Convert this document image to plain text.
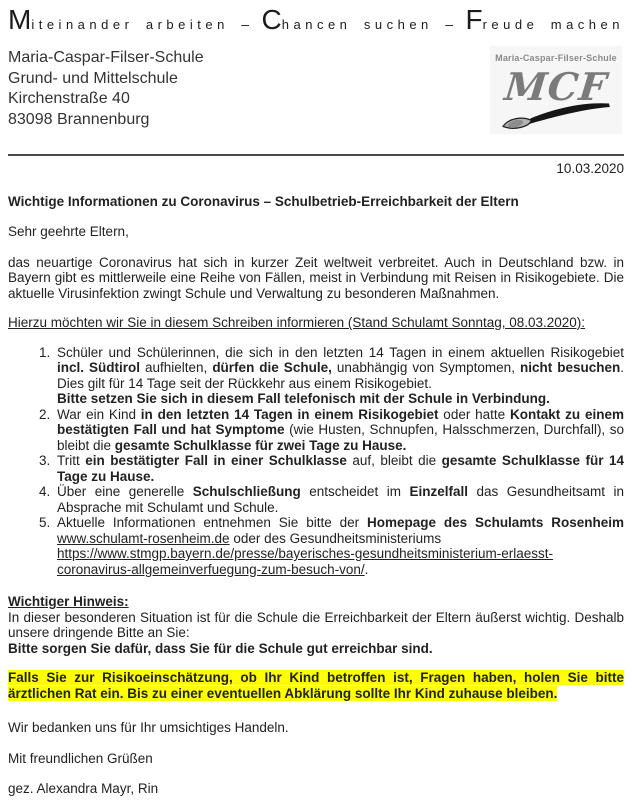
Miteinander arbeiten – Chancen suchen – Freude machen
Maria-Caspar-Filser-Schule
Grund- und Mittelschule
Kirchenstraße 40
83098 Brannenburg
Maria-Caspar-Filser-Schule
MCF
10.03.2020
Wichtige Informationen zu Coronavirus – Schulbetrieb-Erreichbarkeit der Eltern
Sehr geehrte Eltern,
das neuartige Coronavirus hat sich in kurzer Zeit weltweit verbreitet. Auch in Deutschland bzw. in Bayern gibt es mittlerweile eine Reihe von Fällen, meist in Verbindung mit Reisen in Risikogebiete. Die aktuelle Virusinfektion zwingt Schule und Verwaltung zu besonderen Maßnahmen.
Hierzu möchten wir Sie in diesem Schreiben informieren (Stand Schulamt Sonntag, 08.03.2020):
1. Schüler und Schülerinnen, die sich in den letzten 14 Tagen in einem aktuellen Risikogebiet incl. Südtirol aufhielten, dürfen die Schule, unabhängig von Symptomen, nicht besuchen. Dies gilt für 14 Tage seit der Rückkehr aus einem Risikogebiet.
Bitte setzen Sie sich in diesem Fall telefonisch mit der Schule in Verbindung.
2. War ein Kind in den letzten 14 Tagen in einem Risikogebiet oder hatte Kontakt zu einem bestätigten Fall und hat Symptome (wie Husten, Schnupfen, Halsschmerzen, Durchfall), so bleibt die gesamte Schulklasse für zwei Tage zu Hause.
3. Tritt ein bestätigter Fall in einer Schulklasse auf, bleibt die gesamte Schulklasse für 14 Tage zu Hause.
4. Über eine generelle Schulschließung entscheidet im Einzelfall das Gesundheitsamt in Absprache mit Schulamt und Schule.
5. Aktuelle Informationen entnehmen Sie bitte der Homepage des Schulamts Rosenheim www.schulamt-rosenheim.de oder des Gesundheitsministeriums
https://www.stmgp.bayern.de/presse/bayerisches-gesundheitsministerium-erlaesst-
coronavirus-allgemeinverfuegung-zum-besuch-von/.
Wichtiger Hinweis:
In dieser besonderen Situation ist für die Schule die Erreichbarkeit der Eltern äußerst wichtig. Deshalb unsere dringende Bitte an Sie:
Bitte sorgen Sie dafür, dass Sie für die Schule gut erreichbar sind.
Falls Sie zur Risikoeinschätzung, ob Ihr Kind betroffen ist, Fragen haben, holen Sie bitte ärztlichen Rat ein. Bis zu einer eventuellen Abklärung sollte Ihr Kind zuhause bleiben.
Wir bedanken uns für Ihr umsichtiges Handeln.
Mit freundlichen Grüßen
gez. Alexandra Mayr, Rin
